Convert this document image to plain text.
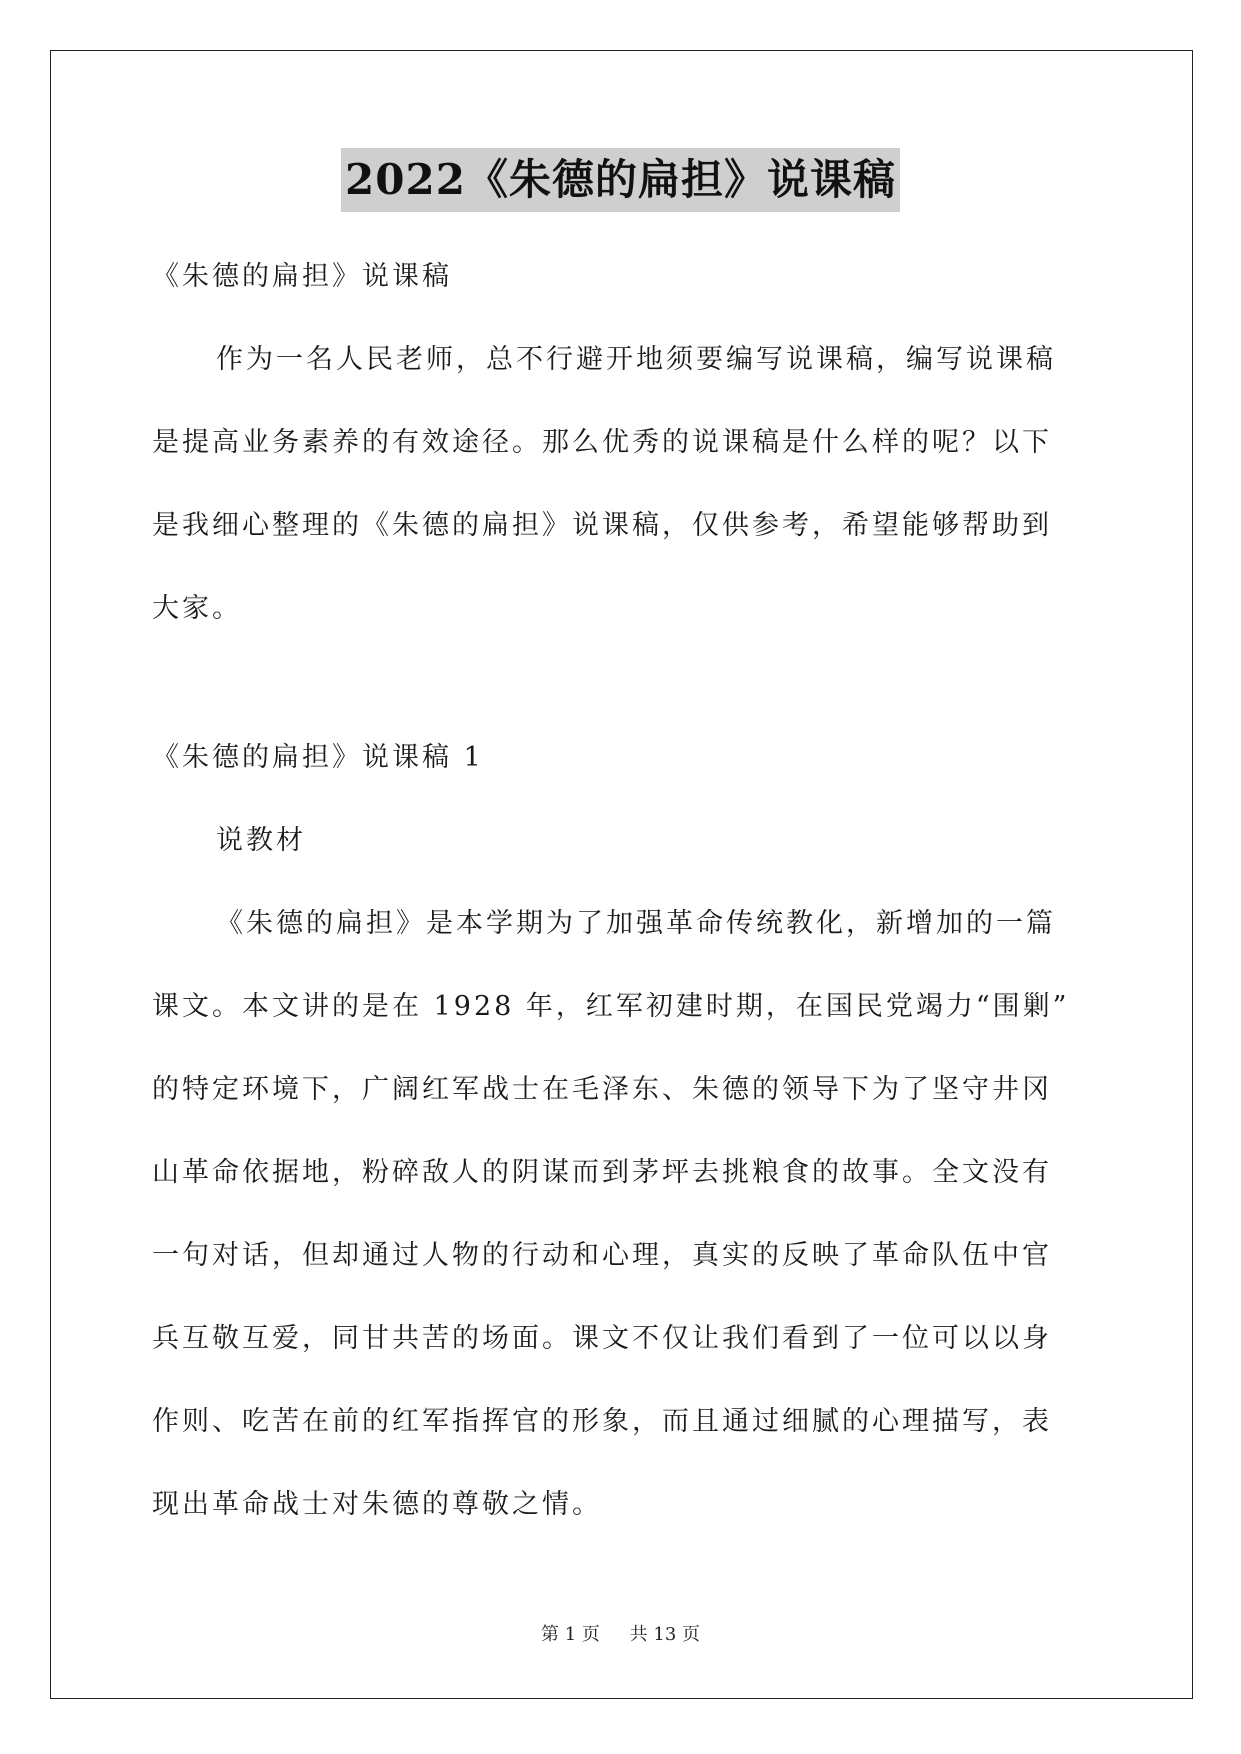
2022《朱德的扁担》说课稿
《朱德的扁担》说课稿
作为一名人民老师，总不行避开地须要编写说课稿，编写说课稿
是提高业务素养的有效途径。那么优秀的说课稿是什么样的呢？以下
是我细心整理的《朱德的扁担》说课稿，仅供参考，希望能够帮助到
大家。
《朱德的扁担》说课稿 1
说教材
《朱德的扁担》是本学期为了加强革命传统教化，新增加的一篇
课文。本文讲的是在 1928 年，红军初建时期，在国民党竭力“围剿”
的特定环境下，广阔红军战士在毛泽东、朱德的领导下为了坚守井冈
山革命依据地，粉碎敌人的阴谋而到茅坪去挑粮食的故事。全文没有
一句对话，但却通过人物的行动和心理，真实的反映了革命队伍中官
兵互敬互爱，同甘共苦的场面。课文不仅让我们看到了一位可以以身
作则、吃苦在前的红军指挥官的形象，而且通过细腻的心理描写，表
现出革命战士对朱德的尊敬之情。
第 1 页 共 13 页
